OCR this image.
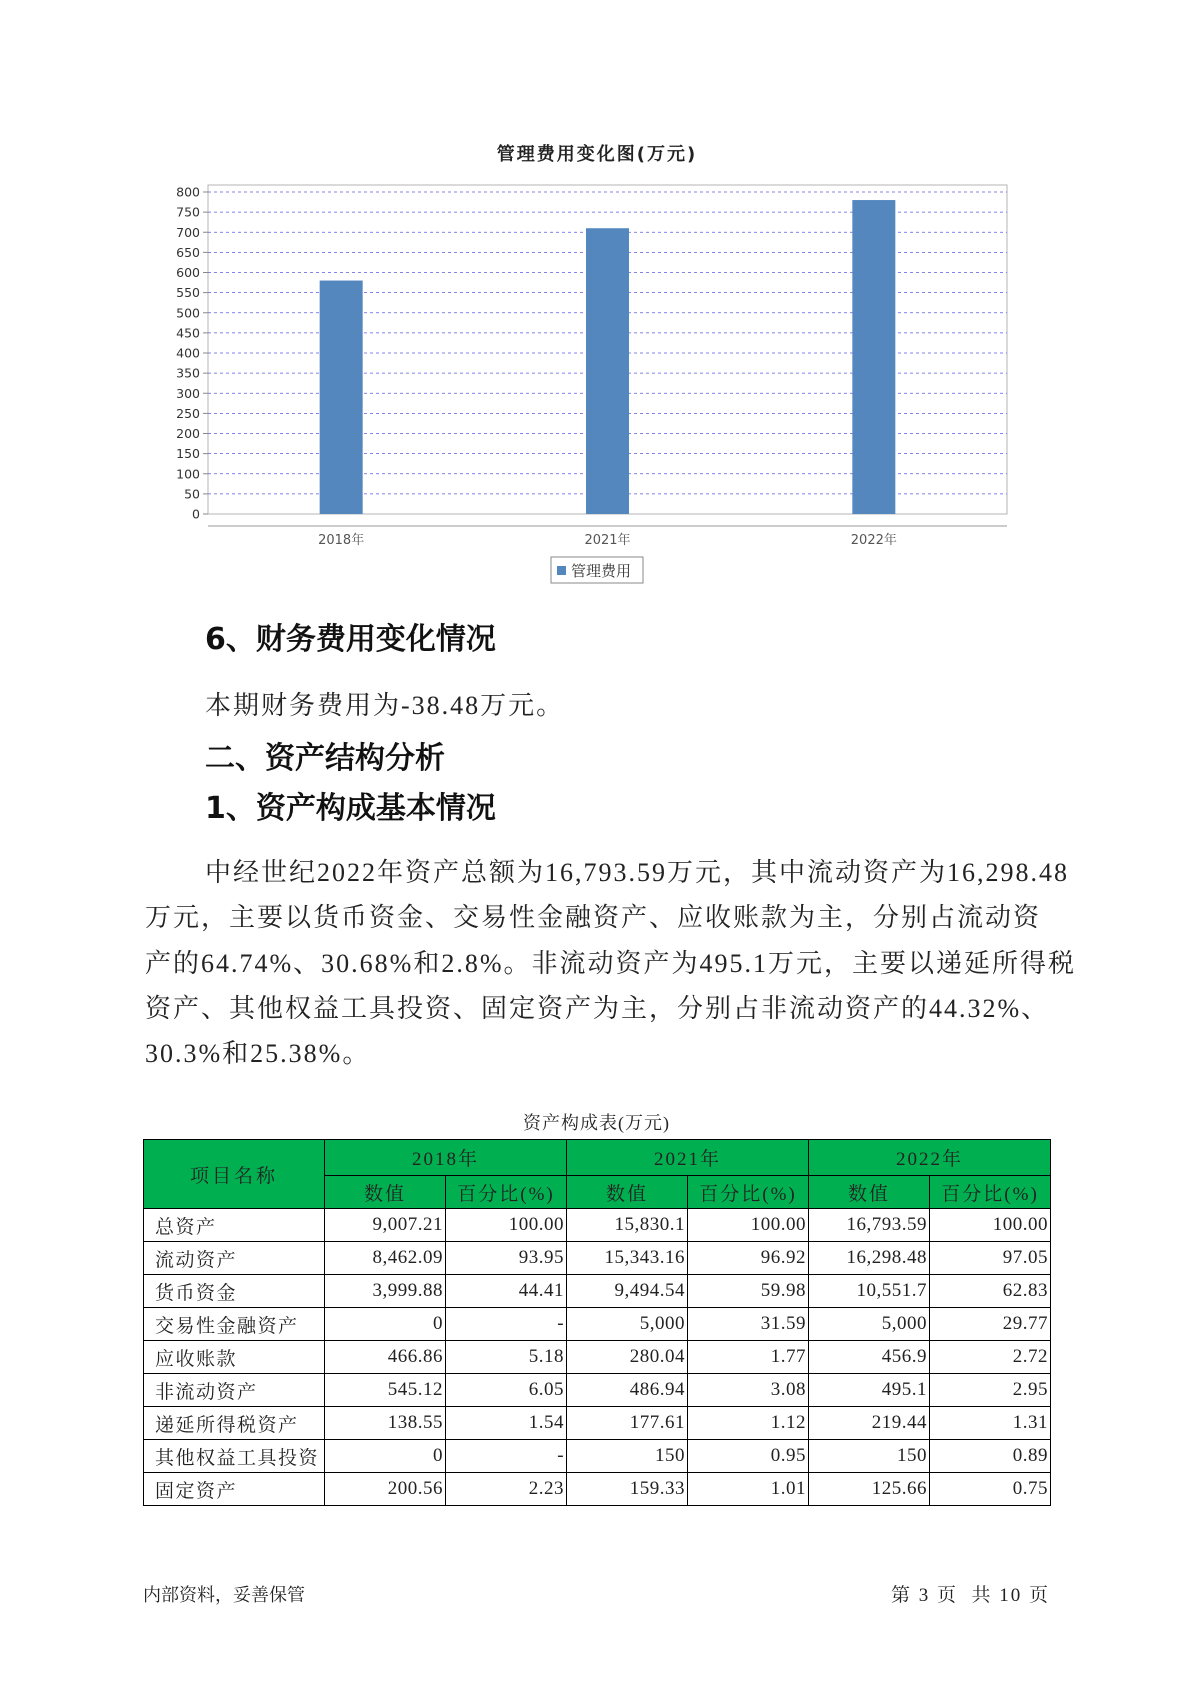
管理费用变化图(万元)
0
50
100
150
200
250
300
350
400
450
500
550
600
650
700
750
800
2018年	2021年	2022年
管理费用
6、财务费用变化情况

本期财务费用为-38.48万元。

二、资产结构分析
1、资产构成基本情况
中经世纪2022年资产总额为16,793.59万元，其中流动资产为16,298.48
万元，主要以货币资金、交易性金融资产、应收账款为主，分别占流动资
产的64.74%、30.68%和2.8%。非流动资产为495.1万元，主要以递延所得税
资产、其他权益工具投资、固定资产为主，分别占非流动资产的44.32%、
30.3%和25.38%。
资产构成表(万元)
项目名称	2018年		2021年		2022年	
	数值	百分比(%)	数值	百分比(%)	数值	百分比(%)
总资产	9,007.21	100.00	15,830.1	100.00	16,793.59	100.00
流动资产	8,462.09	93.95	15,343.16	96.92	16,298.48	97.05
货币资金	3,999.88	44.41	9,494.54	59.98	10,551.7	62.83
交易性金融资产	0	-	5,000	31.59	5,000	29.77
应收账款	466.86	5.18	280.04	1.77	456.9	2.72
非流动资产	545.12	6.05	486.94	3.08	495.1	2.95
递延所得税资产	138.55	1.54	177.61	1.12	219.44	1.31
其他权益工具投资	0	-	150	0.95	150	0.89
固定资产	200.56	2.23	159.33	1.01	125.66	0.75
内部资料，妥善保管	第 3 页  共 10 页
